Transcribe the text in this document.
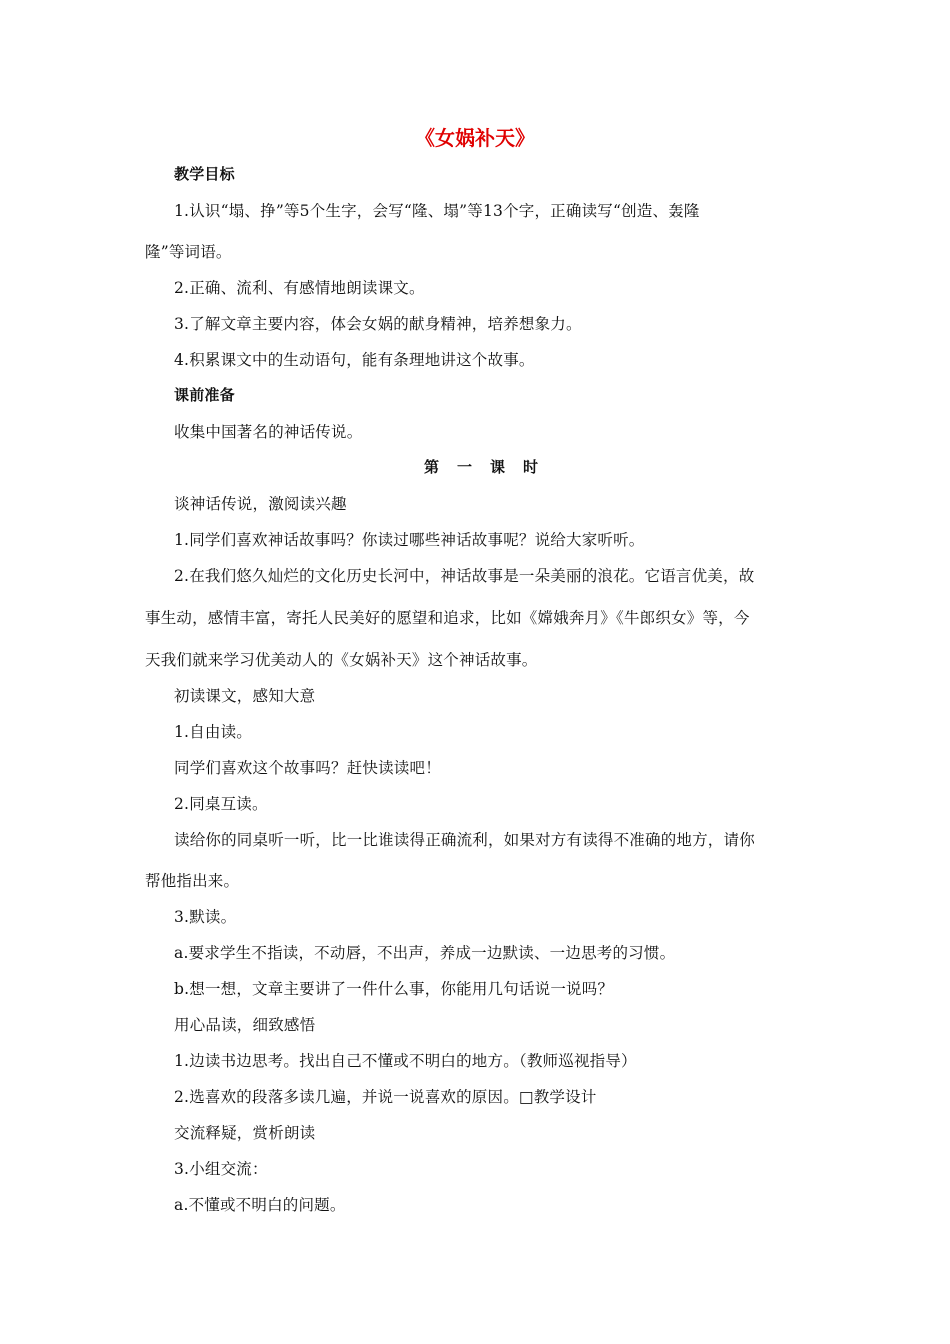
《女娲补天》
教学目标
1.认识“塌、挣”等5个生字，会写“隆、塌”等13个字，正确读写“创造、轰隆
隆”等词语。
2.正确、流利、有感情地朗读课文。
3.了解文章主要内容，体会女娲的献身精神，培养想象力。
4.积累课文中的生动语句，能有条理地讲这个故事。
课前准备
收集中国著名的神话传说。
第一课时
谈神话传说，激阅读兴趣
1.同学们喜欢神话故事吗？你读过哪些神话故事呢？说给大家听听。
2.在我们悠久灿烂的文化历史长河中，神话故事是一朵美丽的浪花。它语言优美，故
事生动，感情丰富，寄托人民美好的愿望和追求，比如《嫦娥奔月》《牛郎织女》等，今
天我们就来学习优美动人的《女娲补天》这个神话故事。
初读课文，感知大意
1.自由读。
同学们喜欢这个故事吗？赶快读读吧！
2.同桌互读。
读给你的同桌听一听，比一比谁读得正确流利，如果对方有读得不准确的地方，请你
帮他指出来。
3.默读。
a.要求学生不指读，不动唇，不出声，养成一边默读、一边思考的习惯。
b.想一想，文章主要讲了一件什么事，你能用几句话说一说吗？
用心品读，细致感悟
1.边读书边思考。找出自己不懂或不明白的地方。（教师巡视指导）
2.选喜欢的段落多读几遍，并说一说喜欢的原因。□教学设计
交流释疑，赏析朗读
3.小组交流：
a.不懂或不明白的问题。
